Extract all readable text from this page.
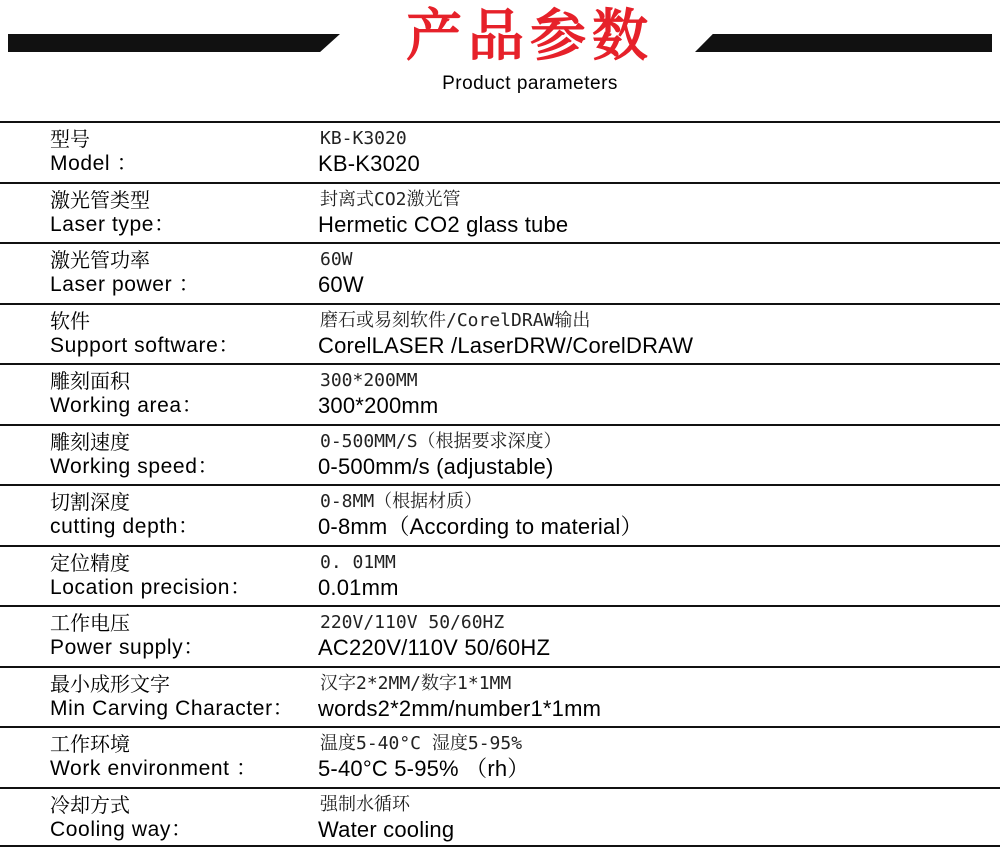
产品参数
Product parameters
型号
Model ：
KB-K3020
KB-K3020
激光管类型
Laser type：
封离式CO2激光管
Hermetic CO2 glass tube
激光管功率
Laser power ：
60W
60W
软件
Support software：
磨石或易刻软件/CorelDRAW输出
CorelLASER /LaserDRW/CorelDRAW
雕刻面积
Working area：
300*200MM
300*200mm
雕刻速度
Working speed：
0-500MM/S（根据要求深度）
0-500mm/s (adjustable)
切割深度
cutting depth：
0-8MM（根据材质）
0-8mm（According to material）
定位精度
Location precision：
0. 01MM
0.01mm
工作电压
Power supply：
220V/110V 50/60HZ
AC220V/110V 50/60HZ
最小成形文字
Min Carving Character：
汉字2*2MM/数字1*1MM
words2*2mm/number1*1mm
工作环境
Work environment ：
温度5-40°C 湿度5-95%
5-40°C 5-95% （rh）
冷却方式
Cooling way：
强制水循环
Water cooling
